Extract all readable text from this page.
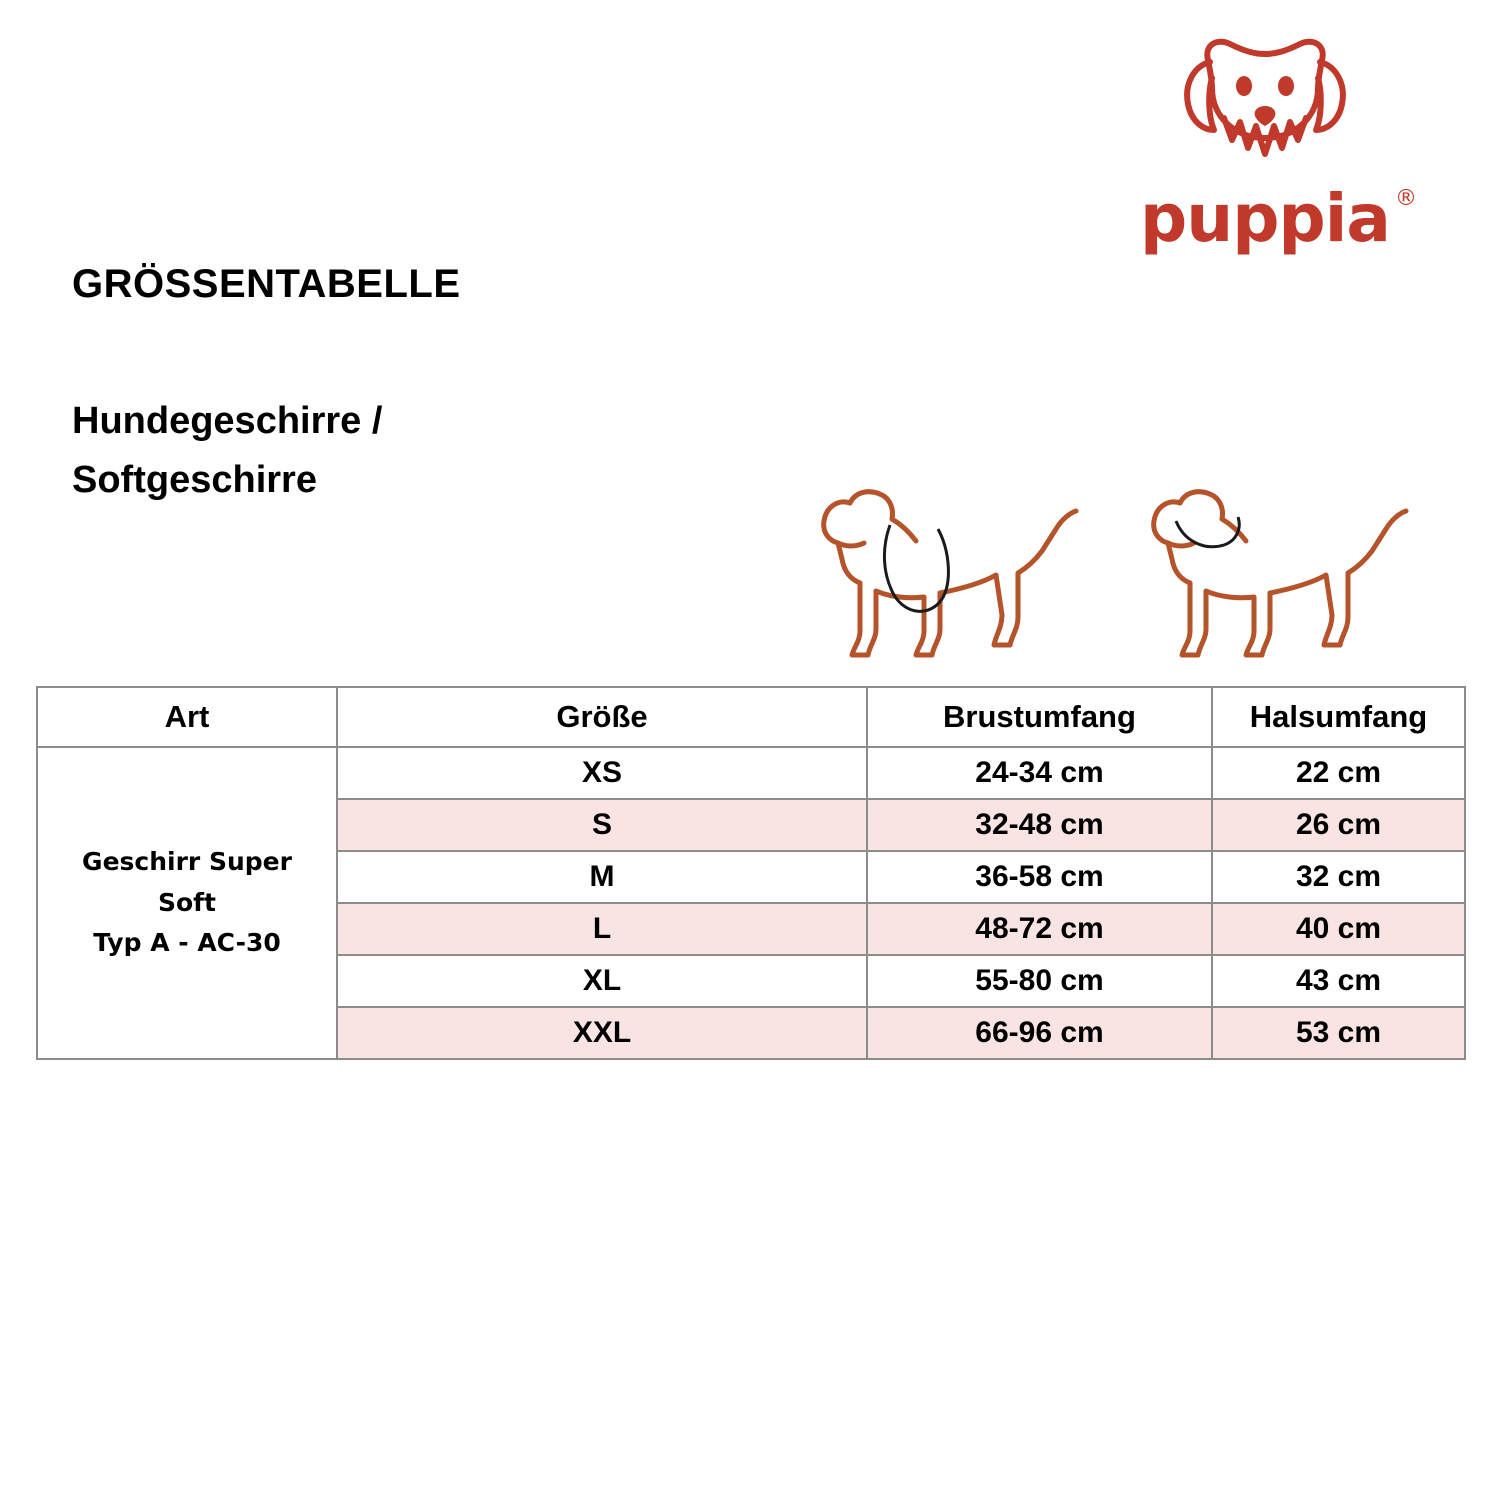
puppia ®
GRÖSSENTABELLE
Hundegeschirre /
Softgeschirre
Art	Größe	Brustumfang	Halsumfang

Geschirr Super
Soft
Typ A - AC-30	XS	24-34 cm	22 cm
	S	32-48 cm	26 cm
	M	36-58 cm	32 cm
	L	48-72 cm	40 cm
	XL	55-80 cm	43 cm
	XXL	66-96 cm	53 cm
